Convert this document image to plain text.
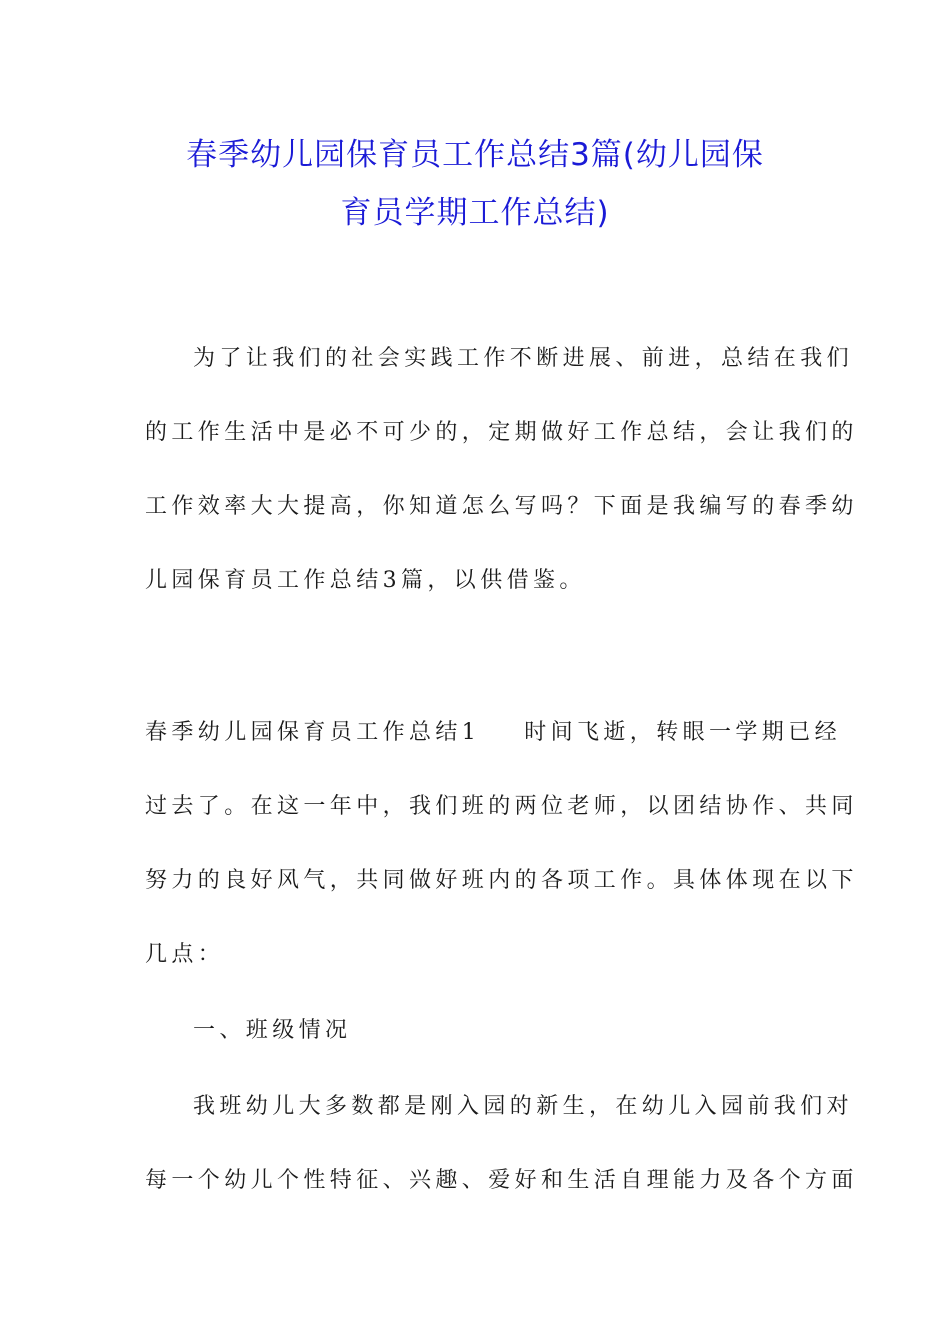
春季幼儿园保育员工作总结3篇(幼儿园保
育员学期工作总结)
为了让我们的社会实践工作不断进展、前进，总结在我们
的工作生活中是必不可少的，定期做好工作总结，会让我们的
工作效率大大提高，你知道怎么写吗？下面是我编写的春季幼
儿园保育员工作总结3篇，以供借鉴。
春季幼儿园保育员工作总结1 时间飞逝，转眼一学期已经
过去了。在这一年中，我们班的两位老师，以团结协作、共同
努力的良好风气，共同做好班内的各项工作。具体体现在以下
几点：
一、班级情况
我班幼儿大多数都是刚入园的新生，在幼儿入园前我们对
每一个幼儿个性特征、兴趣、爱好和生活自理能力及各个方面
